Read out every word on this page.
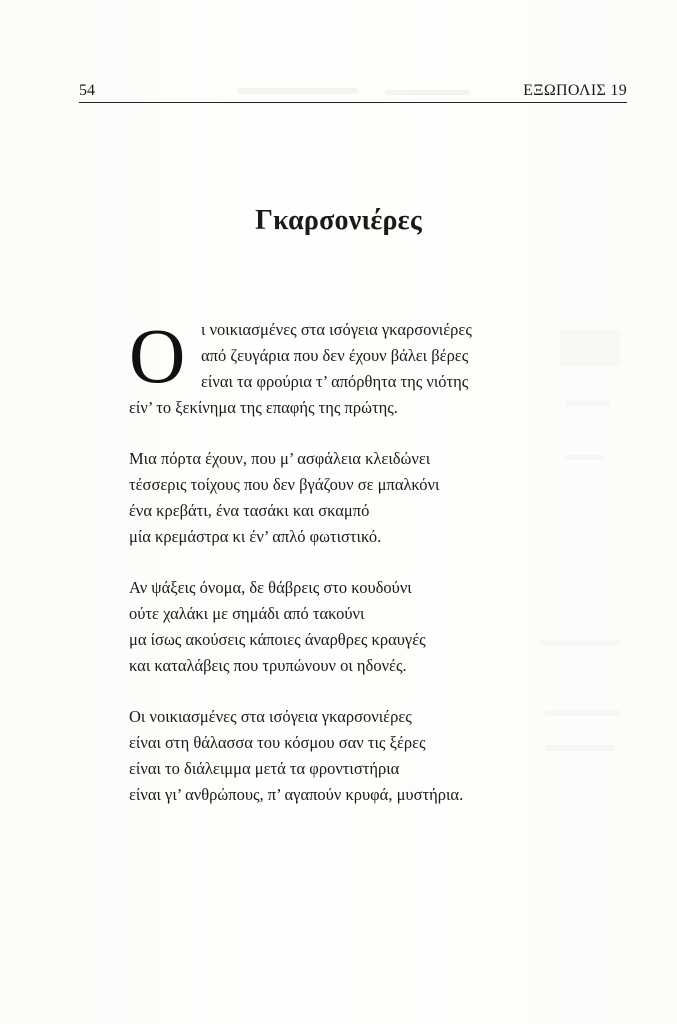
54	ΕΞΩΠΟΛΙΣ 19
Γκαρσονιέρες
Ο ι νοικιασμένες στα ισόγεια γκαρσονιέρες
από ζευγάρια που δεν έχουν βάλει βέρες
είναι τα φρούρια τ’ απόρθητα της νιότης
είν’ το ξεκίνημα της επαφής της πρώτης.
Μια πόρτα έχουν, που μ’ ασφάλεια κλειδώνει
τέσσερις τοίχους που δεν βγάζουν σε μπαλκόνι
ένα κρεβάτι, ένα τασάκι και σκαμπό
μία κρεμάστρα κι έν’ απλό φωτιστικό.
Αν ψάξεις όνομα, δε θάβρεις στο κουδούνι
ούτε χαλάκι με σημάδι από τακούνι
μα ίσως ακούσεις κάποιες άναρθρες κραυγές
και καταλάβεις που τρυπώνουν οι ηδονές.
Οι νοικιασμένες στα ισόγεια γκαρσονιέρες
είναι στη θάλασσα του κόσμου σαν τις ξέρες
είναι το διάλειμμα μετά τα φροντιστήρια
είναι γι’ ανθρώπους, π’ αγαπούν κρυφά, μυστήρια.
